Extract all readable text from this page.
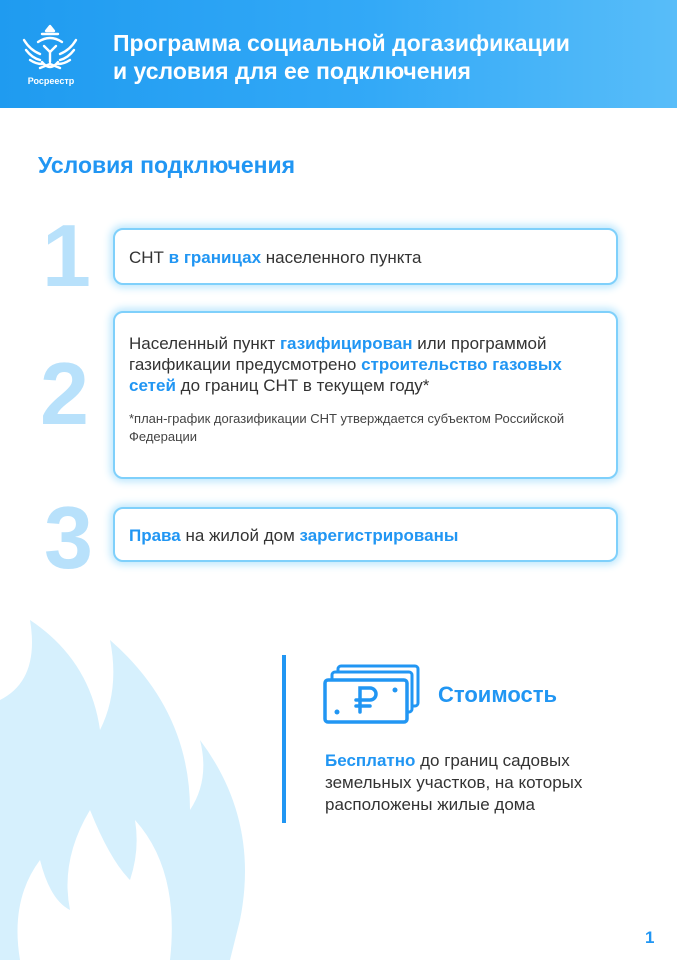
Росреестр
Программа социальной догазификации
и условия для ее подключения
Условия подключения
1	СНТ в границах населенного пункта
2
Населенный пункт газифицирован или программой газификации предусмотрено строительство газовых сетей до границ СНТ в текущем году*
*план-график догазификации СНТ утверждается субъектом Российской Федерации
3	Права на жилой дом зарегистрированы
Стоимость
Бесплатно до границ садовых земельных участков, на которых расположены жилые дома
1
